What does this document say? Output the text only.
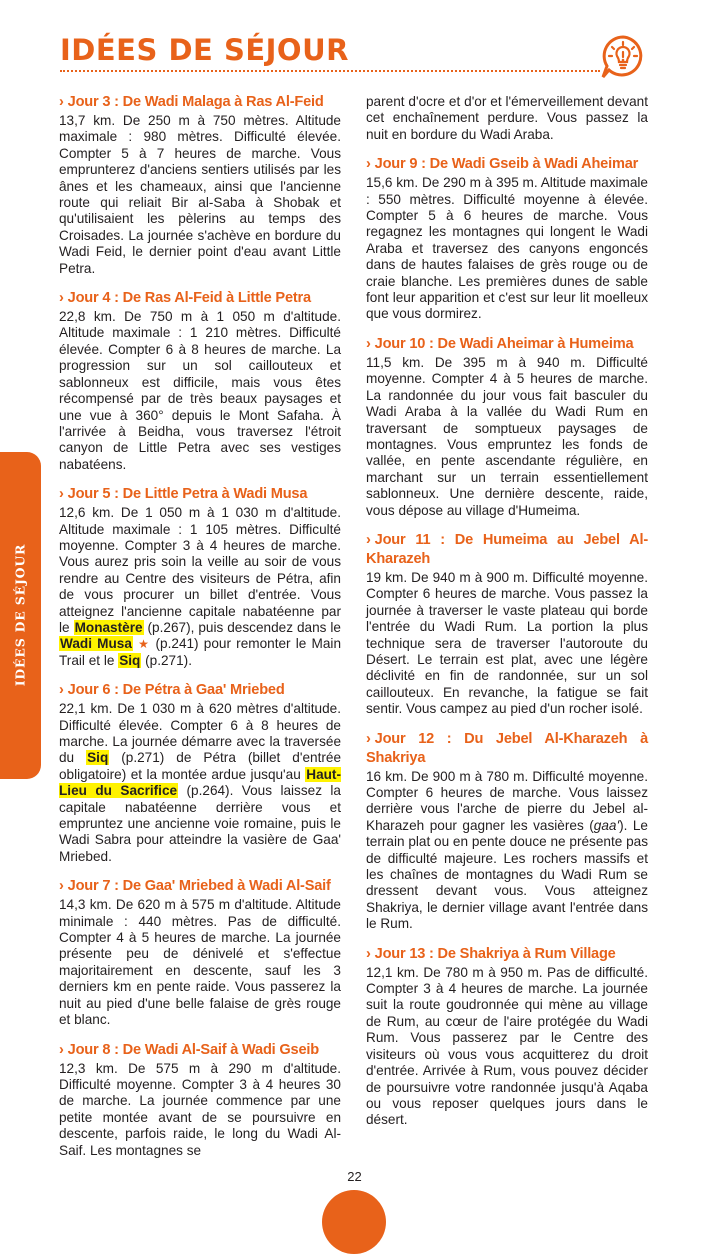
IDÉES DE SÉJOUR
IDÉES DE SÉJOUR
› Jour 3 : De Wadi Malaga à Ras Al-Feid

13,7 km. De 250 m à 750 mètres. Altitude maximale : 980 mètres. Difficulté élevée. Compter 5 à 7 heures de marche. Vous emprunterez d'anciens sentiers utilisés par les ânes et les chameaux, ainsi que l'ancienne route qui reliait Bir al-Saba à Shobak et qu'utilisaient les pèlerins au temps des Croisades. La journée s'achève en bordure du Wadi Feid, le dernier point d'eau avant Little Petra.

› Jour 4 : De Ras Al-Feid à Little Petra

22,8 km. De 750 m à 1 050 m d'altitude. Altitude maximale : 1 210 mètres. Difficulté élevée. Compter 6 à 8 heures de marche. La progression sur un sol caillouteux et sablonneux est difficile, mais vous êtes récompensé par de très beaux paysages et une vue à 360° depuis le Mont Safaha. À l'arrivée à Beidha, vous traversez l'étroit canyon de Little Petra avec ses vestiges nabatéens.

› Jour 5 : De Little Petra à Wadi Musa

12,6 km. De 1 050 m à 1 030 m d'altitude. Altitude maximale : 1 105 mètres. Difficulté moyenne. Compter 3 à 4 heures de marche. Vous aurez pris soin la veille au soir de vous rendre au Centre des visiteurs de Pétra, afin de vous procurer un billet d'entrée. Vous atteignez l'ancienne capitale nabatéenne par le Monastère (p.267), puis descendez dans le Wadi Musa ★ (p.241) pour remonter le Main Trail et le Siq (p.271).

› Jour 6 : De Pétra à Gaa' Mriebed

22,1 km. De 1 030 m à 620 mètres d'altitude. Difficulté élevée. Compter 6 à 8 heures de marche. La journée démarre avec la traversée du Siq (p.271) de Pétra (billet d'entrée obligatoire) et la montée ardue jusqu'au Haut-Lieu du Sacrifice (p.264). Vous laissez la capitale nabatéenne derrière vous et empruntez une ancienne voie romaine, puis le Wadi Sabra pour atteindre la vasière de Gaa' Mriebed.

› Jour 7 : De Gaa' Mriebed à Wadi Al-Saif

14,3 km. De 620 m à 575 m d'altitude. Altitude minimale : 440 mètres. Pas de difficulté. Compter 4 à 5 heures de marche. La journée présente peu de dénivelé et s'effectue majoritairement en descente, sauf les 3 derniers km en pente raide. Vous passerez la nuit au pied d'une belle falaise de grès rouge et blanc.

› Jour 8 : De Wadi Al-Saif à Wadi Gseib

12,3 km. De 575 m à 290 m d'altitude. Difficulté moyenne. Compter 3 à 4 heures 30 de marche. La journée commence par une petite montée avant de se poursuivre en descente, parfois raide, le long du Wadi Al-Saif. Les montagnes se

parent d'ocre et d'or et l'émerveillement devant cet enchaînement perdure. Vous passez la nuit en bordure du Wadi Araba.

› Jour 9 : De Wadi Gseib à Wadi Aheimar

15,6 km. De 290 m à 395 m. Altitude maximale : 550 mètres. Difficulté moyenne à élevée. Compter 5 à 6 heures de marche. Vous regagnez les montagnes qui longent le Wadi Araba et traversez des canyons engoncés dans de hautes falaises de grès rouge ou de craie blanche. Les premières dunes de sable font leur apparition et c'est sur leur lit moelleux que vous dormirez.

› Jour 10 : De Wadi Aheimar à Humeima

11,5 km. De 395 m à 940 m. Difficulté moyenne. Compter 4 à 5 heures de marche. La randonnée du jour vous fait basculer du Wadi Araba à la vallée du Wadi Rum en traversant de somptueux paysages de montagnes. Vous empruntez les fonds de vallée, en pente ascendante régulière, en marchant sur un terrain essentiellement sablonneux. Une dernière descente, raide, vous dépose au village d'Humeima.

› Jour 11 : De Humeima au Jebel Al-Kharazeh

19 km. De 940 m à 900 m. Difficulté moyenne. Compter 6 heures de marche. Vous passez la journée à traverser le vaste plateau qui borde l'entrée du Wadi Rum. La portion la plus technique sera de traverser l'autoroute du Désert. Le terrain est plat, avec une légère déclivité en fin de randonnée, sur un sol caillouteux. En revanche, la fatigue se fait sentir. Vous campez au pied d'un rocher isolé.

› Jour 12 : Du Jebel Al-Kharazeh à Shakriya

16 km. De 900 m à 780 m. Difficulté moyenne. Compter 6 heures de marche. Vous laissez derrière vous l'arche de pierre du Jebel al-Kharazeh pour gagner les vasières (gaa'). Le terrain plat ou en pente douce ne présente pas de difficulté majeure. Les rochers massifs et les chaînes de montagnes du Wadi Rum se dressent devant vous. Vous atteignez Shakriya, le dernier village avant l'entrée dans le Rum.

› Jour 13 : De Shakriya à Rum Village

12,1 km. De 780 m à 950 m. Pas de difficulté. Compter 3 à 4 heures de marche. La journée suit la route goudronnée qui mène au village de Rum, au cœur de l'aire protégée du Wadi Rum. Vous passerez par le Centre des visiteurs où vous vous acquitterez du droit d'entrée. Arrivée à Rum, vous pouvez décider de poursuivre votre randonnée jusqu'à Aqaba ou vous reposer quelques jours dans le désert.

22
